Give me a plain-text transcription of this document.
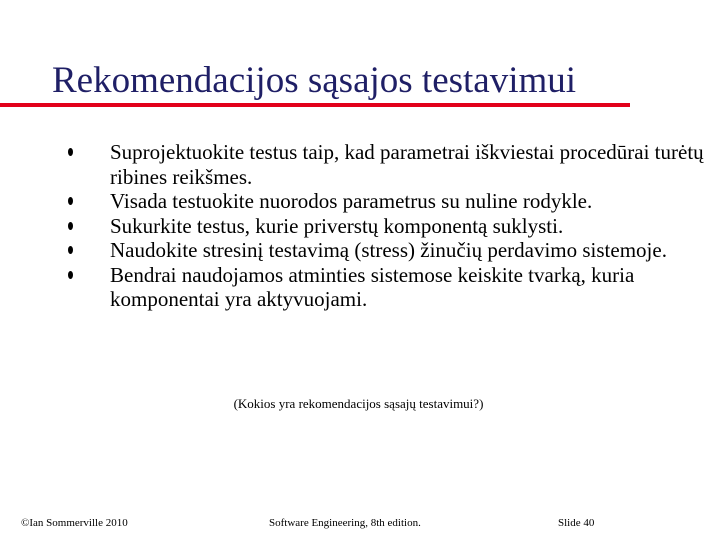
Rekomendacijos sąsajos testavimui
Suprojektuokite testus taip, kad parametrai iškviestai procedūrai turėtų ribines reikšmes.
Visada testuokite nuorodos parametrus su nuline rodykle.
Sukurkite testus, kurie priverstų komponentą suklysti.
Naudokite stresinį testavimą (stress) žinučių perdavimo sistemoje.
Bendrai naudojamos atminties sistemose keiskite tvarką, kuria komponentai yra aktyvuojami.
(Kokios yra rekomendacijos sąsajų testavimui?)
©Ian Sommerville 2010	Software Engineering, 8th edition.	Slide 40
